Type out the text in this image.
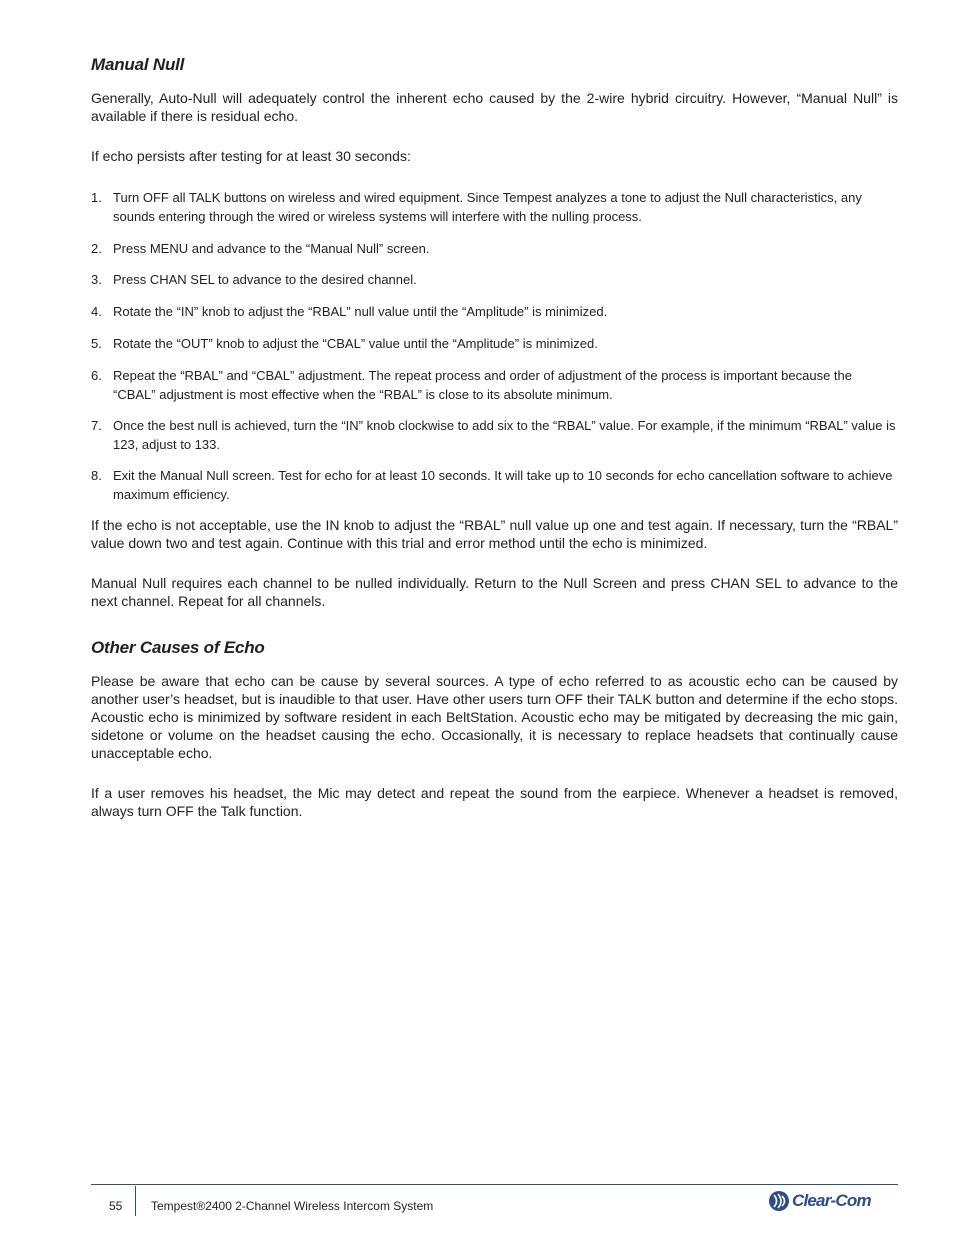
Manual Null

Generally, Auto-Null will adequately control the inherent echo caused by the 2-wire hybrid circuitry. However, “Manual Null” is available if there is residual echo.

If echo persists after testing for at least 30 seconds:

1. Turn OFF all TALK buttons on wireless and wired equipment. Since Tempest analyzes a tone to adjust the Null characteristics, any sounds entering through the wired or wireless systems will interfere with the nulling process.
2. Press MENU and advance to the “Manual Null” screen.
3. Press CHAN SEL to advance to the desired channel.
4. Rotate the “IN” knob to adjust the “RBAL” null value until the “Amplitude” is minimized.
5. Rotate the “OUT” knob to adjust the “CBAL” value until the “Amplitude” is minimized.
6. Repeat the “RBAL” and “CBAL” adjustment. The repeat process and order of adjustment of the process is important because the “CBAL” adjustment is most effective when the “RBAL” is close to its absolute minimum.
7. Once the best null is achieved, turn the “IN” knob clockwise to add six to the “RBAL” value. For example, if the minimum “RBAL” value is 123, adjust to 133.
8. Exit the Manual Null screen. Test for echo for at least 10 seconds. It will take up to 10 seconds for echo cancellation software to achieve maximum efficiency.

If the echo is not acceptable, use the IN knob to adjust the “RBAL” null value up one and test again. If necessary, turn the “RBAL” value down two and test again. Continue with this trial and error method until the echo is minimized.

Manual Null requires each channel to be nulled individually. Return to the Null Screen and press CHAN SEL to advance to the next channel. Repeat for all channels.

Other Causes of Echo

Please be aware that echo can be cause by several sources. A type of echo referred to as acoustic echo can be caused by another user’s headset, but is inaudible to that user. Have other users turn OFF their TALK button and determine if the echo stops. Acoustic echo is minimized by software resident in each BeltStation. Acoustic echo may be mitigated by decreasing the mic gain, sidetone or volume on the headset causing the echo. Occasionally, it is necessary to replace headsets that continually cause unacceptable echo.

If a user removes his headset, the Mic may detect and repeat the sound from the earpiece. Whenever a headset is removed, always turn OFF the Talk function.

55 Tempest®2400 2-Channel Wireless Intercom System	Clear-Com
